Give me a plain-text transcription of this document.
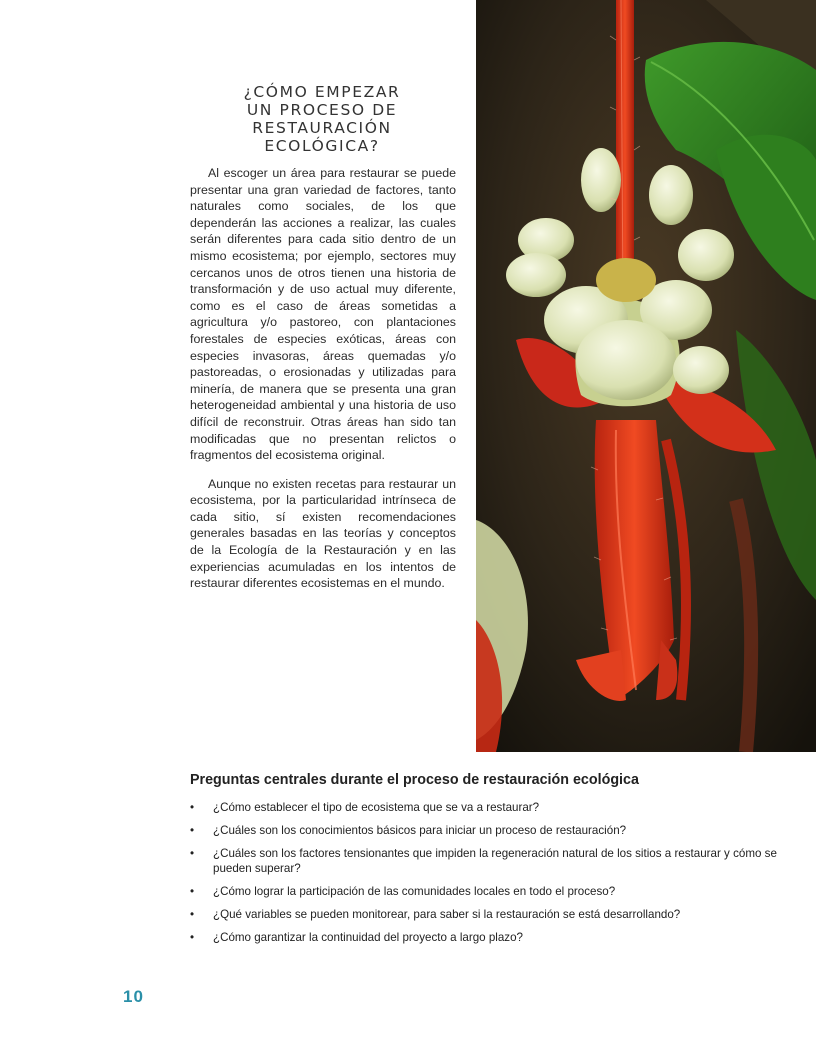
¿CÓMO EMPEZAR
UN PROCESO DE
RESTAURACIÓN
ECOLÓGICA?

Al escoger un área para restaurar se puede presentar una gran variedad de factores, tanto naturales como sociales, de los que dependerán las acciones a realizar, las cuales serán diferentes para cada sitio dentro de un mismo ecosistema; por ejemplo, sectores muy cercanos unos de otros tienen una historia de transformación y de uso actual muy diferente, como es el caso de áreas sometidas a agricultura y/o pastoreo, con plantaciones forestales de especies exóticas, áreas con especies invasoras, áreas quemadas y/o pastoreadas, o erosionadas y utilizadas para minería, de manera que se presenta una gran heterogeneidad ambiental y una historia de uso difícil de reconstruir. Otras áreas han sido tan modificadas que no presentan relictos o fragmentos del ecosistema original.

Aunque no existen recetas para restaurar un ecosistema, por la particularidad intrínseca de cada sitio, sí existen recomendaciones generales basadas en las teorías y conceptos de la Ecología de la Restauración y en las experiencias acumuladas en los intentos de restaurar diferentes ecosistemas en el mundo.

Preguntas centrales durante el proceso de restauración ecológica
• ¿Cómo establecer el tipo de ecosistema que se va a restaurar?
• ¿Cuáles son los conocimientos básicos para iniciar un proceso de restauración?
• ¿Cuáles son los factores tensionantes que impiden la regeneración natural de los sitios a restaurar y cómo se pueden superar?
• ¿Cómo lograr la participación de las comunidades locales en todo el proceso?
• ¿Qué variables se pueden monitorear, para saber si la restauración se está desarrollando?
• ¿Cómo garantizar la continuidad del proyecto a largo plazo?
10
